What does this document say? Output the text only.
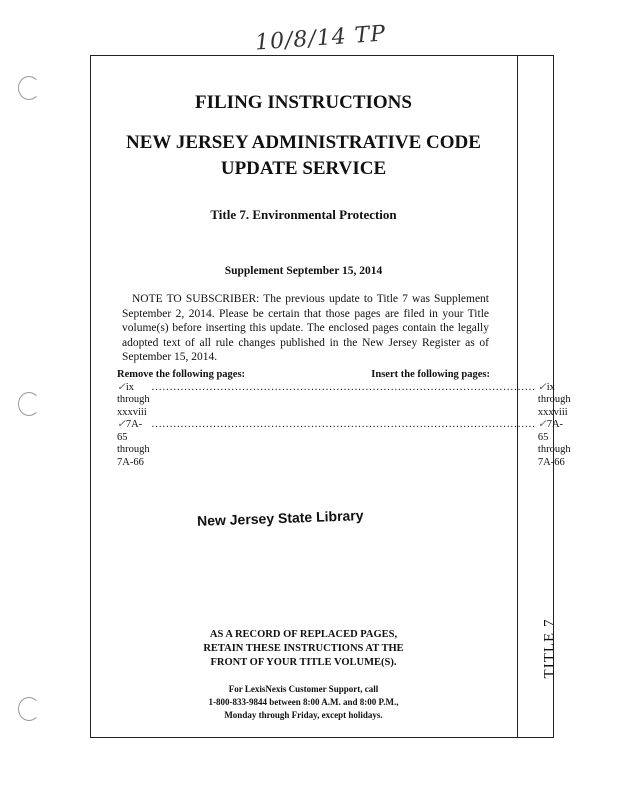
10/8/14 TP
TITLE 7
FILING INSTRUCTIONS
NEW JERSEY ADMINISTRATIVE CODE
UPDATE SERVICE
Title 7. Environmental Protection
Supplement September 15, 2014
NOTE TO SUBSCRIBER: The previous update to Title 7 was Supplement September 2, 2014. Please be certain that those pages are filed in your Title volume(s) before inserting this update. The enclosed pages contain the legally adopted text of all rule changes published in the New Jersey Register as of September 15, 2014.
Remove the following pages:	Insert the following pages:
✓ix through xxxviii
.......................................................................................................... ✓ix through xxxviii
✓7A-65 through 7A-66
.......................................................................................................... ✓7A-65 through 7A-66
New Jersey State Library
AS A RECORD OF REPLACED PAGES,
RETAIN THESE INSTRUCTIONS AT THE
FRONT OF YOUR TITLE VOLUME(S).
For LexisNexis Customer Support, call
1-800-833-9844 between 8:00 A.M. and 8:00 P.M.,
Monday through Friday, except holidays.
